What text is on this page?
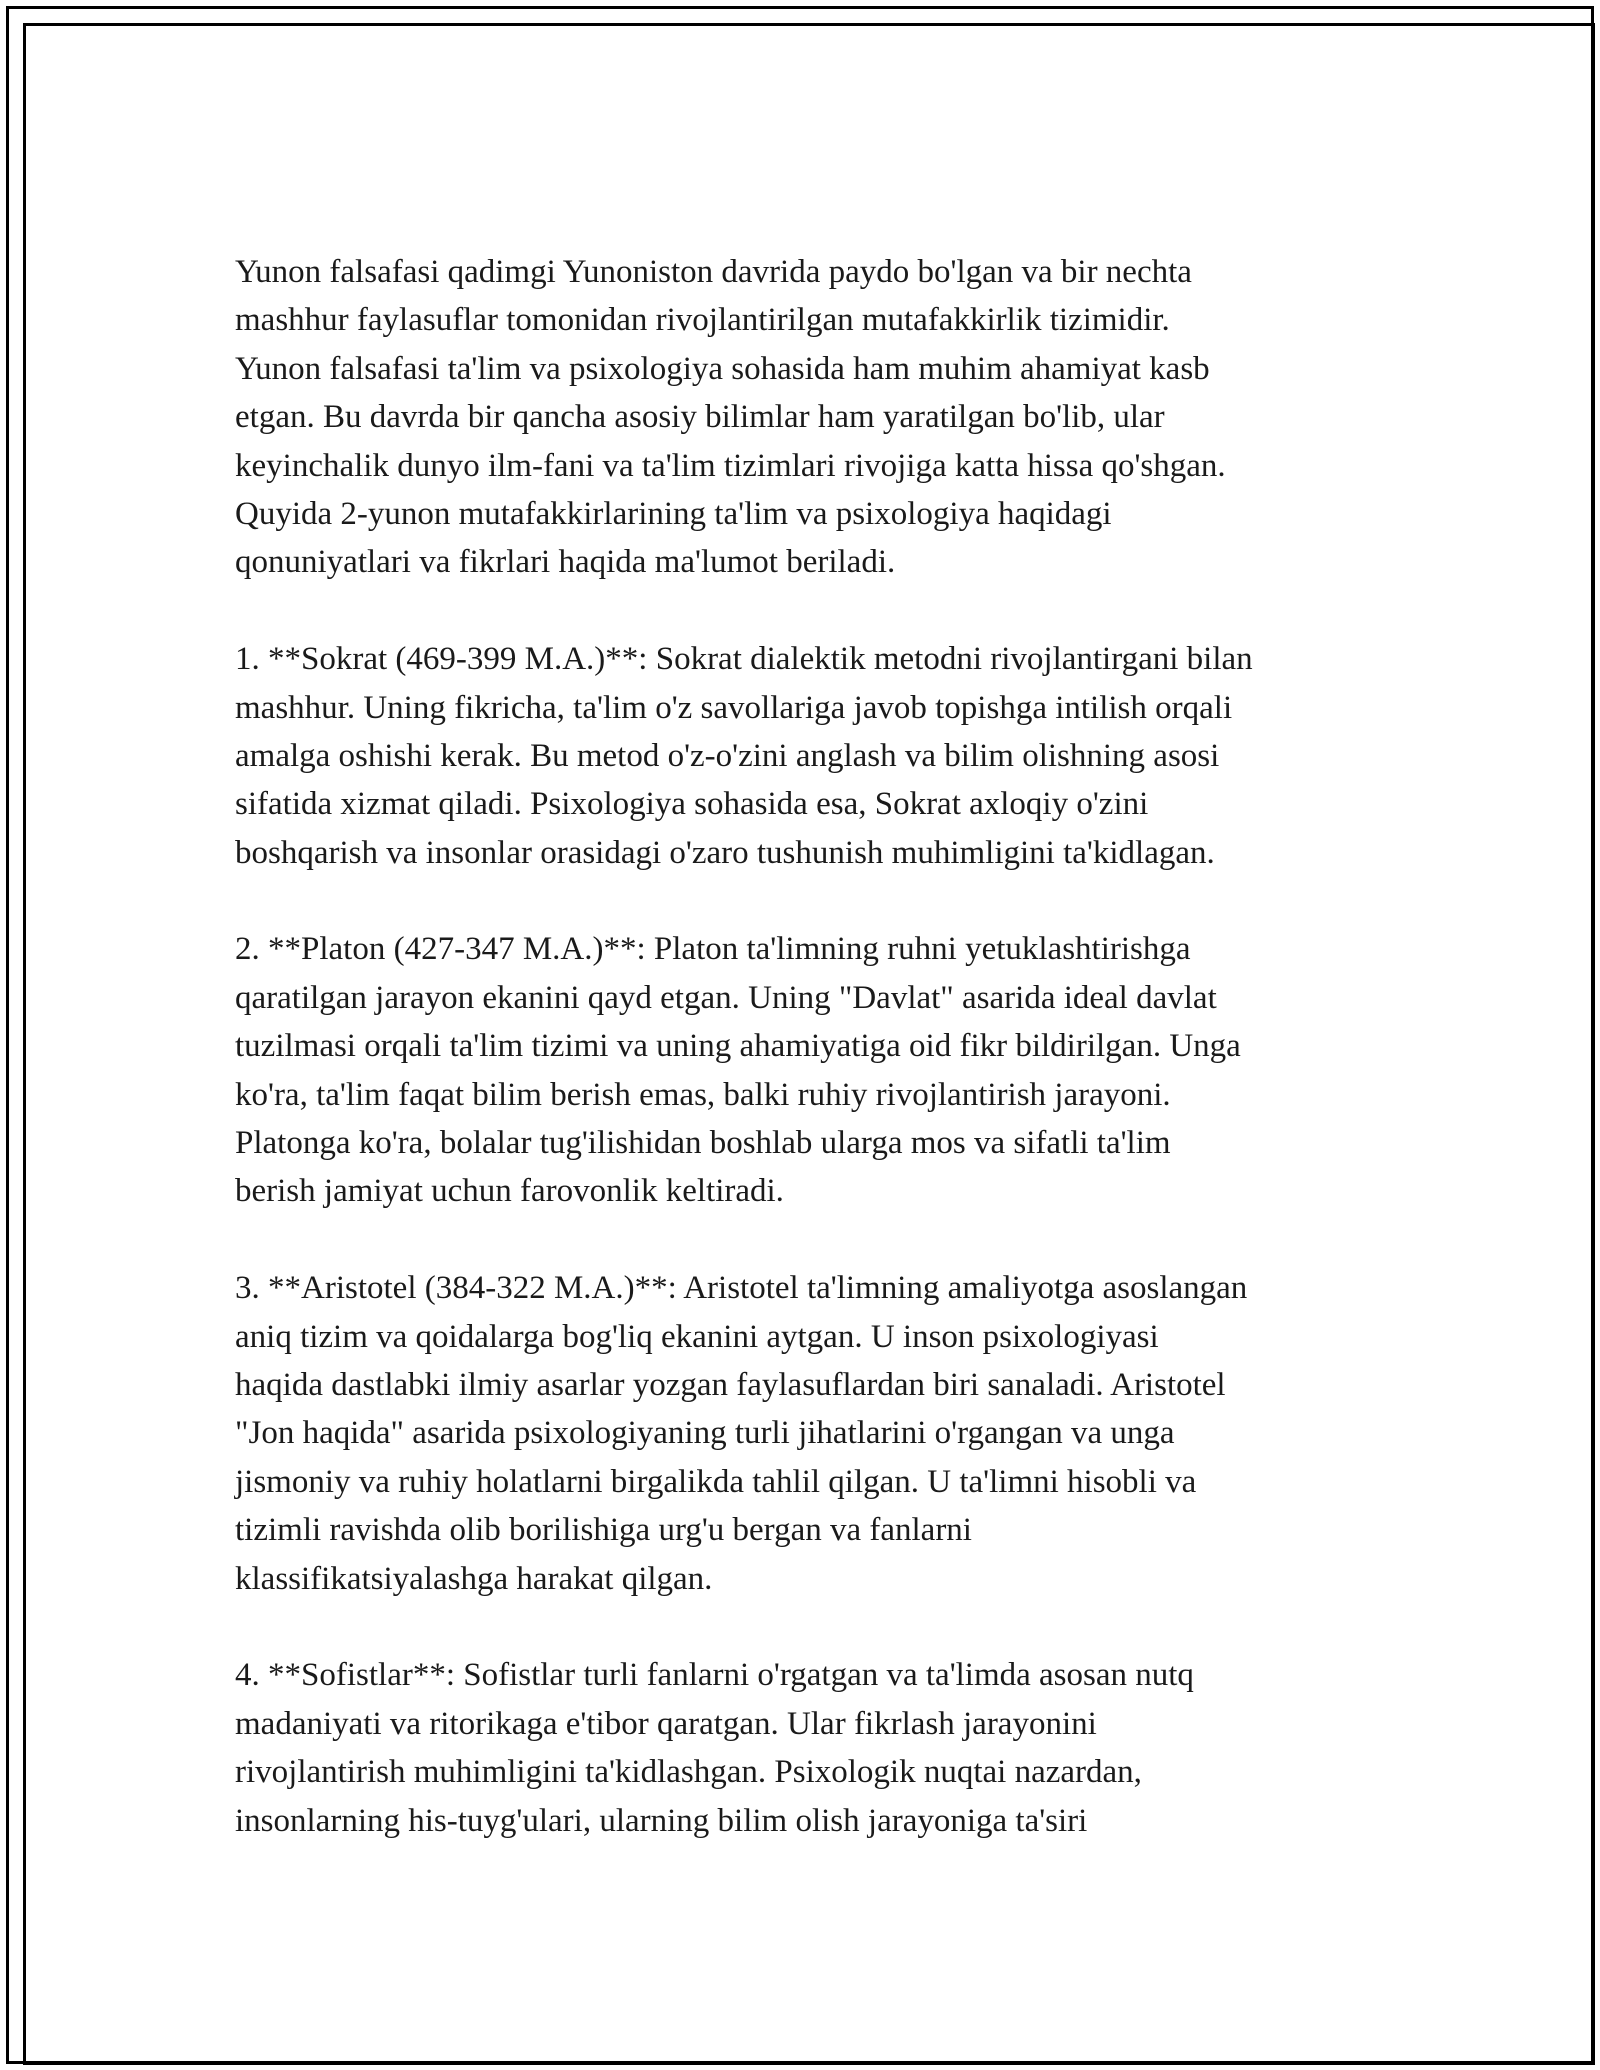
Yunon falsafasi qadimgi Yunoniston davrida paydo bo'lgan va bir nechta
mashhur faylasuflar tomonidan rivojlantirilgan mutafakkirlik tizimidir.
Yunon falsafasi ta'lim va psixologiya sohasida ham muhim ahamiyat kasb
etgan. Bu davrda bir qancha asosiy bilimlar ham yaratilgan bo'lib, ular
keyinchalik dunyo ilm-fani va ta'lim tizimlari rivojiga katta hissa qo'shgan.
Quyida 2-yunon mutafakkirlarining ta'lim va psixologiya haqidagi
qonuniyatlari va fikrlari haqida ma'lumot beriladi.
1. **Sokrat (469-399 M.A.)**: Sokrat dialektik metodni rivojlantirgani bilan
mashhur. Uning fikricha, ta'lim o'z savollariga javob topishga intilish orqali
amalga oshishi kerak. Bu metod o'z-o'zini anglash va bilim olishning asosi
sifatida xizmat qiladi. Psixologiya sohasida esa, Sokrat axloqiy o'zini
boshqarish va insonlar orasidagi o'zaro tushunish muhimligini ta'kidlagan.
2. **Platon (427-347 M.A.)**: Platon ta'limning ruhni yetuklashtirishga
qaratilgan jarayon ekanini qayd etgan. Uning "Davlat" asarida ideal davlat
tuzilmasi orqali ta'lim tizimi va uning ahamiyatiga oid fikr bildirilgan. Unga
ko'ra, ta'lim faqat bilim berish emas, balki ruhiy rivojlantirish jarayoni.
Platonga ko'ra, bolalar tug'ilishidan boshlab ularga mos va sifatli ta'lim
berish jamiyat uchun farovonlik keltiradi.
3. **Aristotel (384-322 M.A.)**: Aristotel ta'limning amaliyotga asoslangan
aniq tizim va qoidalarga bog'liq ekanini aytgan. U inson psixologiyasi
haqida dastlabki ilmiy asarlar yozgan faylasuflardan biri sanaladi. Aristotel
"Jon haqida" asarida psixologiyaning turli jihatlarini o'rgangan va unga
jismoniy va ruhiy holatlarni birgalikda tahlil qilgan. U ta'limni hisobli va
tizimli ravishda olib borilishiga urg'u bergan va fanlarni
klassifikatsiyalashga harakat qilgan.
4. **Sofistlar**: Sofistlar turli fanlarni o'rgatgan va ta'limda asosan nutq
madaniyati va ritorikaga e'tibor qaratgan. Ular fikrlash jarayonini
rivojlantirish muhimligini ta'kidlashgan. Psixologik nuqtai nazardan,
insonlarning his-tuyg'ulari, ularning bilim olish jarayoniga ta'siri
